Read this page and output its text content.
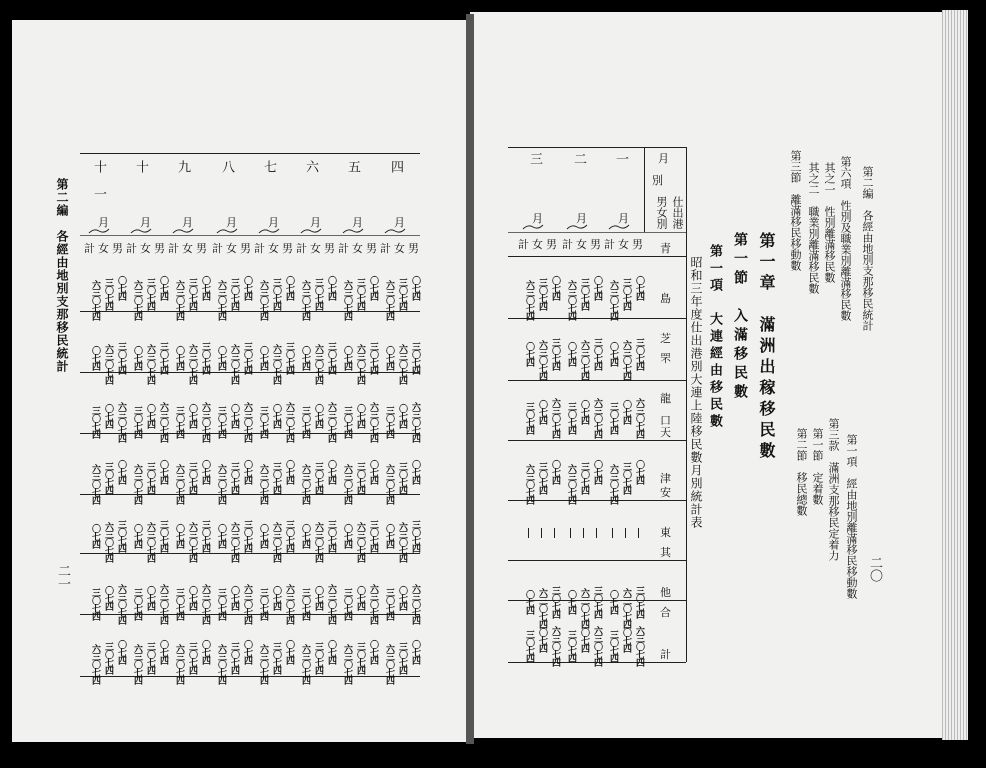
第二編　各經由地別支那移民統計
二一
四
五
六
七
八
九
十
十一
月
男
女
計
月
男
女
計
月
男
女
計
月
男
女
計
月
男
女
計
月
男
女
計
月
男
女
計
月
男
女
計
〇七四
三〇七四
六三〇七四
〇七四
三〇七四
六三〇七四
〇七四
三〇七四
六三〇七四
〇七四
三〇七四
六三〇七四
〇七四
三〇七四
六三〇七四
〇七四
三〇七四
六三〇七四
〇七四
三〇七四
六三〇七四
〇七四
三〇七四
六三〇七四
三〇七四
六三〇七四
〇七四
三〇七四
六三〇七四
〇七四
三〇七四
六三〇七四
〇七四
三〇七四
六三〇七四
〇七四
三〇七四
六三〇七四
〇七四
三〇七四
六三〇七四
〇七四
三〇七四
六三〇七四
〇七四
三〇七四
六三〇七四
〇七四
六三〇七四
〇七四
三〇七四
六三〇七四
〇七四
三〇七四
六三〇七四
〇七四
三〇七四
六三〇七四
〇七四
三〇七四
六三〇七四
〇七四
三〇七四
六三〇七四
〇七四
三〇七四
六三〇七四
〇七四
三〇七四
六三〇七四
〇七四
三〇七四
〇七四
三〇七四
六三〇七四
〇七四
三〇七四
六三〇七四
〇七四
三〇七四
六三〇七四
〇七四
三〇七四
六三〇七四
〇七四
三〇七四
六三〇七四
〇七四
三〇七四
六三〇七四
〇七四
三〇七四
六三〇七四
〇七四
三〇七四
六三〇七四
三〇七四
六三〇七四
〇七四
三〇七四
六三〇七四
〇七四
三〇七四
六三〇七四
〇七四
三〇七四
六三〇七四
〇七四
三〇七四
六三〇七四
〇七四
三〇七四
六三〇七四
〇七四
三〇七四
六三〇七四
〇七四
三〇七四
六三〇七四
〇七四
六三〇七四
〇七四
三〇七四
六三〇七四
〇七四
三〇七四
六三〇七四
〇七四
三〇七四
六三〇七四
〇七四
三〇七四
六三〇七四
〇七四
三〇七四
六三〇七四
〇七四
三〇七四
六三〇七四
〇七四
三〇七四
六三〇七四
〇七四
三〇七四
〇七四
三〇七四
六三〇七四
〇七四
三〇七四
六三〇七四
〇七四
三〇七四
六三〇七四
〇七四
三〇七四
六三〇七四
〇七四
三〇七四
六三〇七四
〇七四
三〇七四
六三〇七四
〇七四
三〇七四
六三〇七四
〇七四
三〇七四
六三〇七四
二〇
第二編　各經由地別支那移民統計
第六項　性別及職業別離滿移民數
其之一　性別離滿移民數
其之二　職業別離滿移民數
第三節　離滿移民移動數
第一項　經由地別離滿移民移動數
第三款　滿洲支那移民定着力
第一節　定着數
第二節　移民總數
第一章　滿洲出稼移民數
第一節　入滿移民數
第一項　大連經由移民數
昭和三年度仕出港別大連上陸移民數月別統計表
月
別
仕出港
男女別
青
島
芝
罘
龍
口
天
津
安
東
其
他
合
計
一
二
三
月
男
女
計
月
男
女
計
月
男
女
計
〇七四
三〇七四
六三〇七四
〇七四
三〇七四
六三〇七四
〇七四
三〇七四
六三〇七四
三〇七四
六三〇七四
〇七四
三〇七四
六三〇七四
〇七四
三〇七四
六三〇七四
〇七四
六三〇七四
〇七四
三〇七四
六三〇七四
〇七四
三〇七四
六三〇七四
〇七四
三〇七四
〇七四
三〇七四
六三〇七四
〇七四
三〇七四
六三〇七四
〇七四
三〇七四
六三〇七四
三〇七四
六三〇七四
〇七四
三〇七四
六三〇七四
〇七四
三〇七四
六三〇七四
〇七四
六三〇七四
〇七四
三〇七四
六三〇七四
〇七四
三〇七四
六三〇七四
〇七四
三〇七四
